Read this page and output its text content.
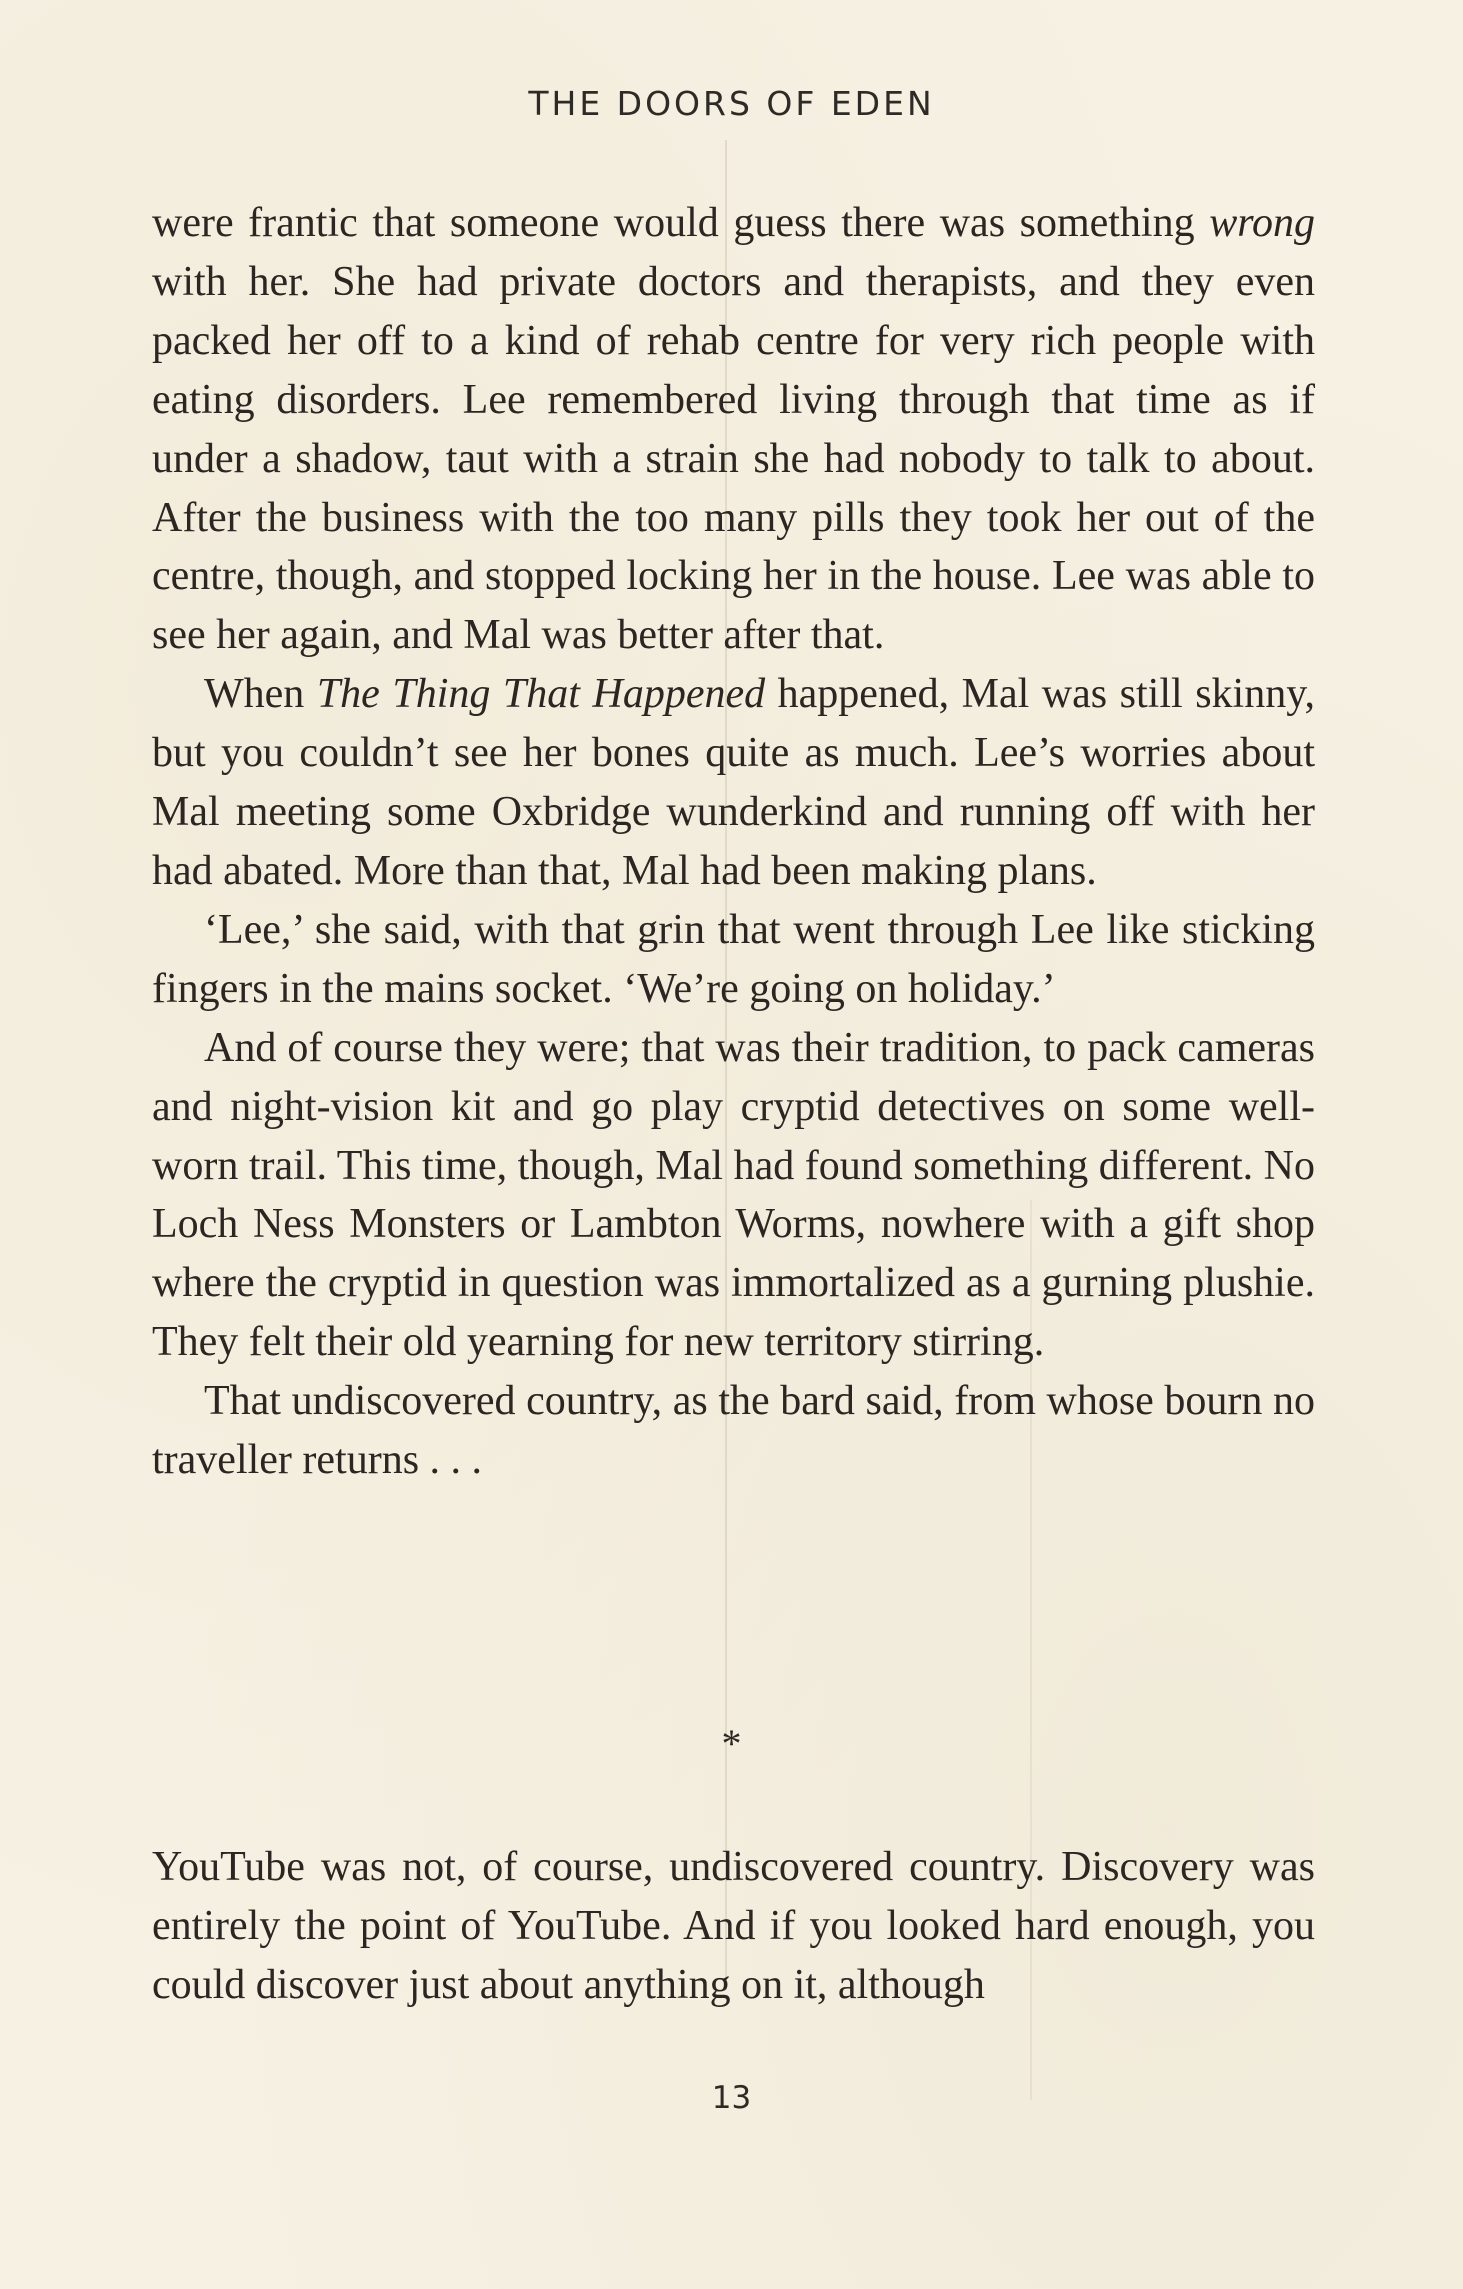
THE DOORS OF EDEN

were frantic that someone would guess there was something wrong with her. She had private doctors and therapists, and they even packed her off to a kind of rehab centre for very rich people with eating disorders. Lee remembered living through that time as if under a shadow, taut with a strain she had nobody to talk to about. After the business with the too many pills they took her out of the centre, though, and stopped locking her in the house. Lee was able to see her again, and Mal was better after that.

When The Thing That Happened happened, Mal was still skinny, but you couldn’t see her bones quite as much. Lee’s worries about Mal meeting some Oxbridge wunderkind and running off with her had abated. More than that, Mal had been making plans.

‘Lee,’ she said, with that grin that went through Lee like sticking fingers in the mains socket. ‘We’re going on holiday.’

And of course they were; that was their tradition, to pack cameras and night-vision kit and go play cryptid detectives on some well-worn trail. This time, though, Mal had found something different. No Loch Ness Monsters or Lambton Worms, nowhere with a gift shop where the cryptid in question was immortalized as a gurning plushie. They felt their old yearning for new territory stirring.

That undiscovered country, as the bard said, from whose bourn no traveller returns . . .

*

YouTube was not, of course, undiscovered country. Discovery was entirely the point of YouTube. And if you looked hard enough, you could discover just about anything on it, although

13
